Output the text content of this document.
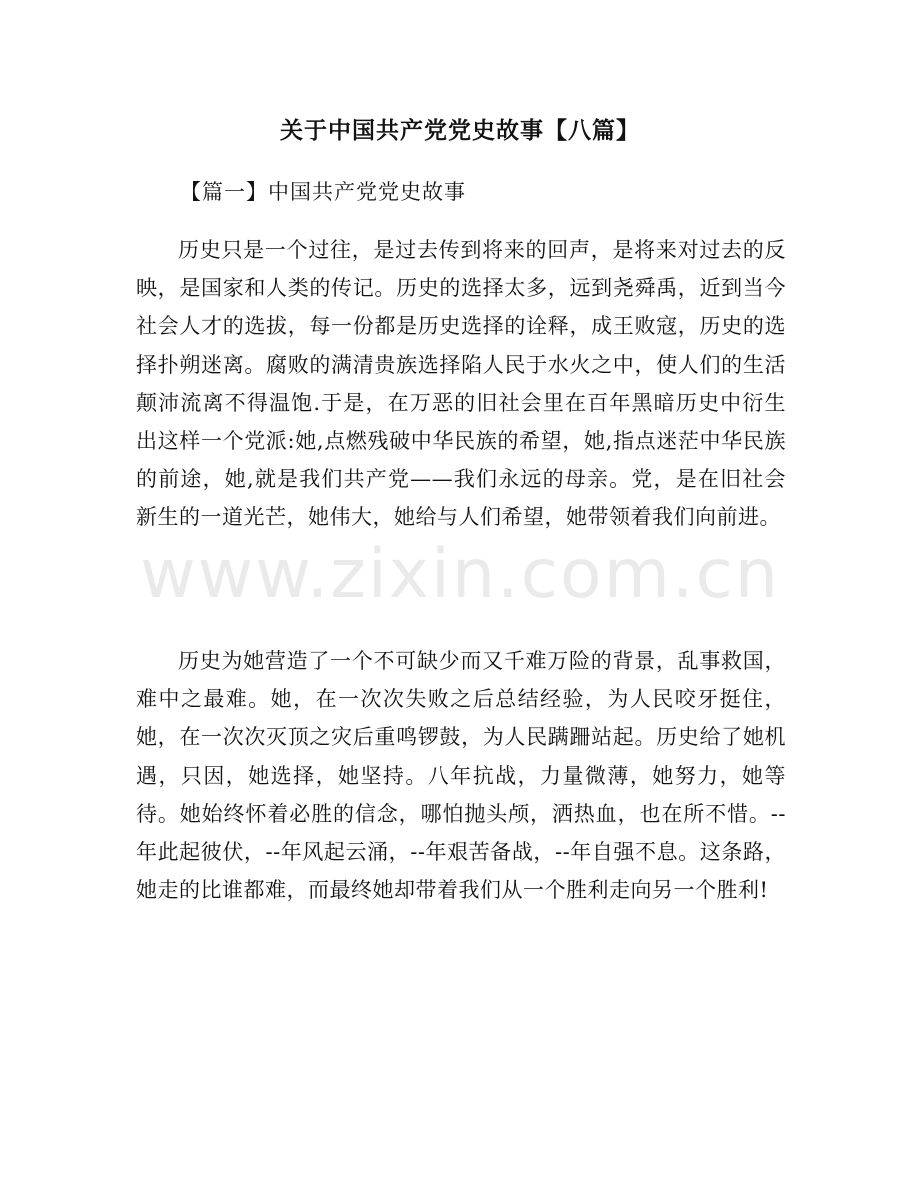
www.zixin.com.cn
关于中国共产党党史故事【八篇】
【篇一】中国共产党党史故事

历史只是一个过往，是过去传到将来的回声，是将来对过去的反映，是国家和人类的传记。历史的选择太多，远到尧舜禹，近到当今社会人才的选拔，每一份都是历史选择的诠释，成王败寇，历史的选择扑朔迷离。腐败的满清贵族选择陷人民于水火之中，使人们的生活颠沛流离不得温饱.于是，在万恶的旧社会里在百年黑暗历史中衍生出这样一个党派:她,点燃残破中华民族的希望，她,指点迷茫中华民族的前途，她,就是我们共产党——我们永远的母亲。党，是在旧社会新生的一道光芒，她伟大，她给与人们希望，她带领着我们向前进。

历史为她营造了一个不可缺少而又千难万险的背景，乱事救国，难中之最难。她，在一次次失败之后总结经验，为人民咬牙挺住，她，在一次次灭顶之灾后重鸣锣鼓，为人民蹒跚站起。历史给了她机遇，只因，她选择，她坚持。八年抗战，力量微薄，她努力，她等待。她始终怀着必胜的信念，哪怕抛头颅，洒热血，也在所不惜。--年此起彼伏，--年风起云涌，--年艰苦备战，--年自强不息。这条路，她走的比谁都难，而最终她却带着我们从一个胜利走向另一个胜利!
